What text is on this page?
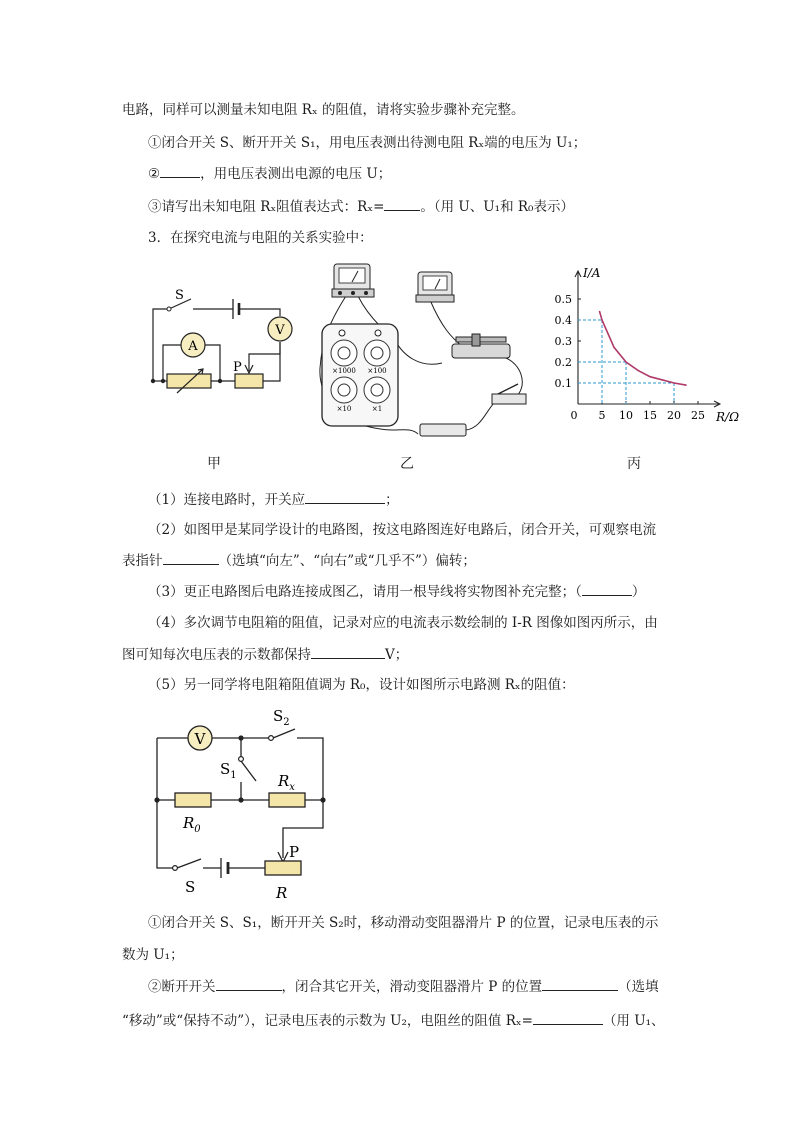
电路，同样可以测量未知电阻 Rₓ 的阻值，请将实验步骤补充完整。
①闭合开关 S、断开开关 S₁，用电压表测出待测电阻 Rₓ端的电压为 U₁；
②	，用电压表测出电源的电压 U；
③请写出未知电阻 Rₓ阻值表达式：Rₓ=	。（用 U、U₁和 R₀表示）
3．在探究电流与电阻的关系实验中：
A
V
S
P
甲
×1000 ×100
×10	×1
乙
0.5
0.4
0.3
0.2
0.1
0 5 10 15 20 25
I/A
R/Ω
丙
（1）连接电路时，开关应	；
（2）如图甲是某同学设计的电路图，按这电路图连好电路后，闭合开关，可观察电流
表指针	（选填“向左”、“向右”或“几乎不”）偏转；
（3）更正电路图后电路连接成图乙，请用一根导线将实物图补充完整；（	）
（4）多次调节电阻箱的阻值，记录对应的电流表示数绘制的 I-R 图像如图丙所示，由
图可知每次电压表的示数都保持	V；
（5）另一同学将电阻箱阻值调为 R₀，设计如图所示电路测 Rₓ的阻值：
V
$S_2$
$S_1$	$R_x$
$R_0$
P
S	R
①闭合开关 S、S₁，断开开关 S₂时，移动滑动变阻器滑片 P 的位置，记录电压表的示
数为 U₁；
②断开开关	，闭合其它开关，滑动变阻器滑片 P 的位置	（选填
“移动”或“保持不动”），记录电压表的示数为 U₂，电阻丝的阻值 Rₓ=	（用 U₁、
